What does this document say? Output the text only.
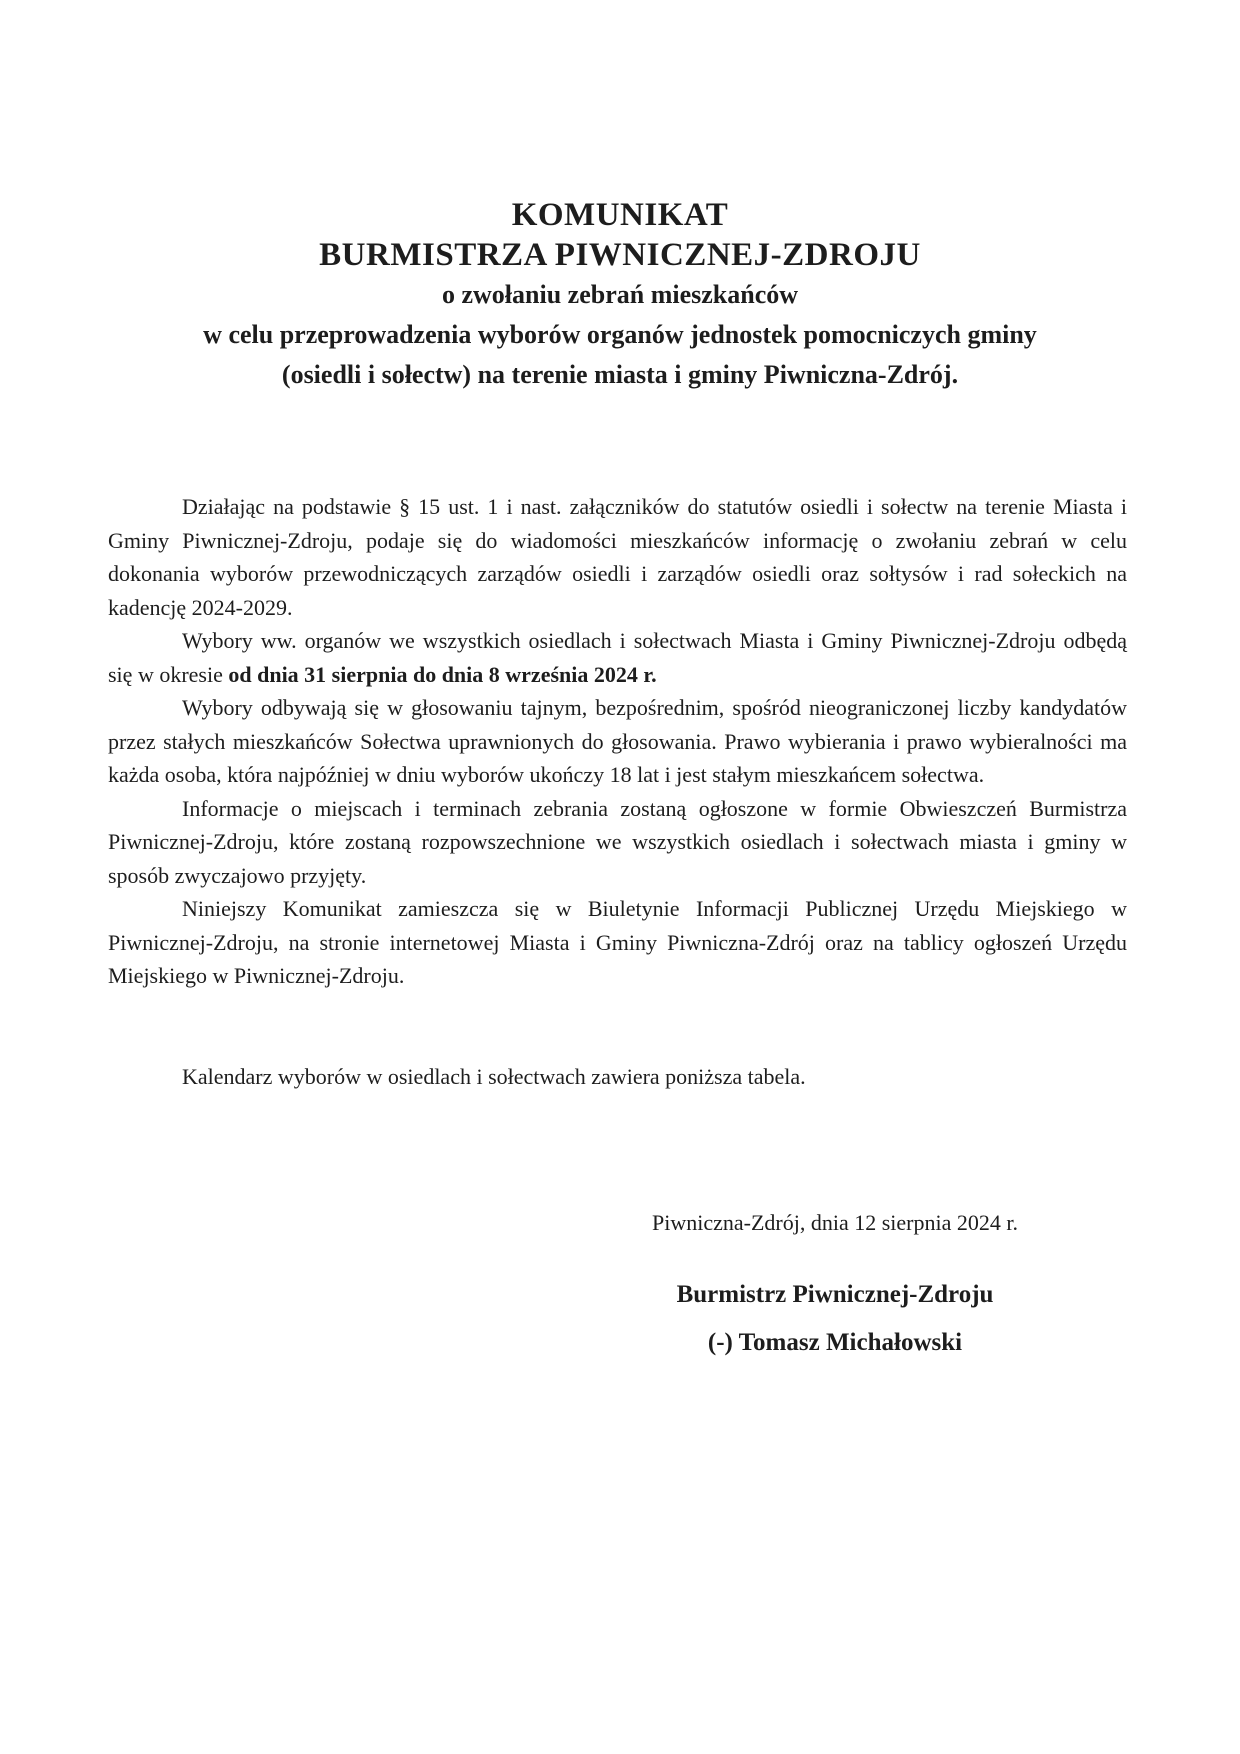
KOMUNIKAT
BURMISTRZA PIWNICZNEJ-ZDROJU
o zwołaniu zebrań mieszkańców
w celu przeprowadzenia wyborów organów jednostek pomocniczych gminy
(osiedli i sołectw) na terenie miasta i gminy Piwniczna-Zdrój.

Działając na podstawie § 15 ust. 1 i nast. załączników do statutów osiedli i sołectw na terenie Miasta i Gminy Piwnicznej-Zdroju, podaje się do wiadomości mieszkańców informację o zwołaniu zebrań w celu dokonania wyborów przewodniczących zarządów osiedli i zarządów osiedli oraz sołtysów i rad sołeckich na kadencję 2024-2029.

Wybory ww. organów we wszystkich osiedlach i sołectwach Miasta i Gminy Piwnicznej-Zdroju odbędą się w okresie od dnia 31 sierpnia do dnia 8 września 2024 r.

Wybory odbywają się w głosowaniu tajnym, bezpośrednim, spośród nieograniczonej liczby kandydatów przez stałych mieszkańców Sołectwa uprawnionych do głosowania. Prawo wybierania i prawo wybieralności ma każda osoba, która najpóźniej w dniu wyborów ukończy 18 lat i jest stałym mieszkańcem sołectwa.

Informacje o miejscach i terminach zebrania zostaną ogłoszone w formie Obwieszczeń Burmistrza Piwnicznej-Zdroju, które zostaną rozpowszechnione we wszystkich osiedlach i sołectwach miasta i gminy w sposób zwyczajowo przyjęty.

Niniejszy Komunikat zamieszcza się w Biuletynie Informacji Publicznej Urzędu Miejskiego w Piwnicznej-Zdroju, na stronie internetowej Miasta i Gminy Piwniczna-Zdrój oraz na tablicy ogłoszeń Urzędu Miejskiego w Piwnicznej-Zdroju.

Kalendarz wyborów w osiedlach i sołectwach zawiera poniższa tabela.

Piwniczna-Zdrój, dnia 12 sierpnia 2024 r.

Burmistrz Piwnicznej-Zdroju

(-) Tomasz Michałowski
